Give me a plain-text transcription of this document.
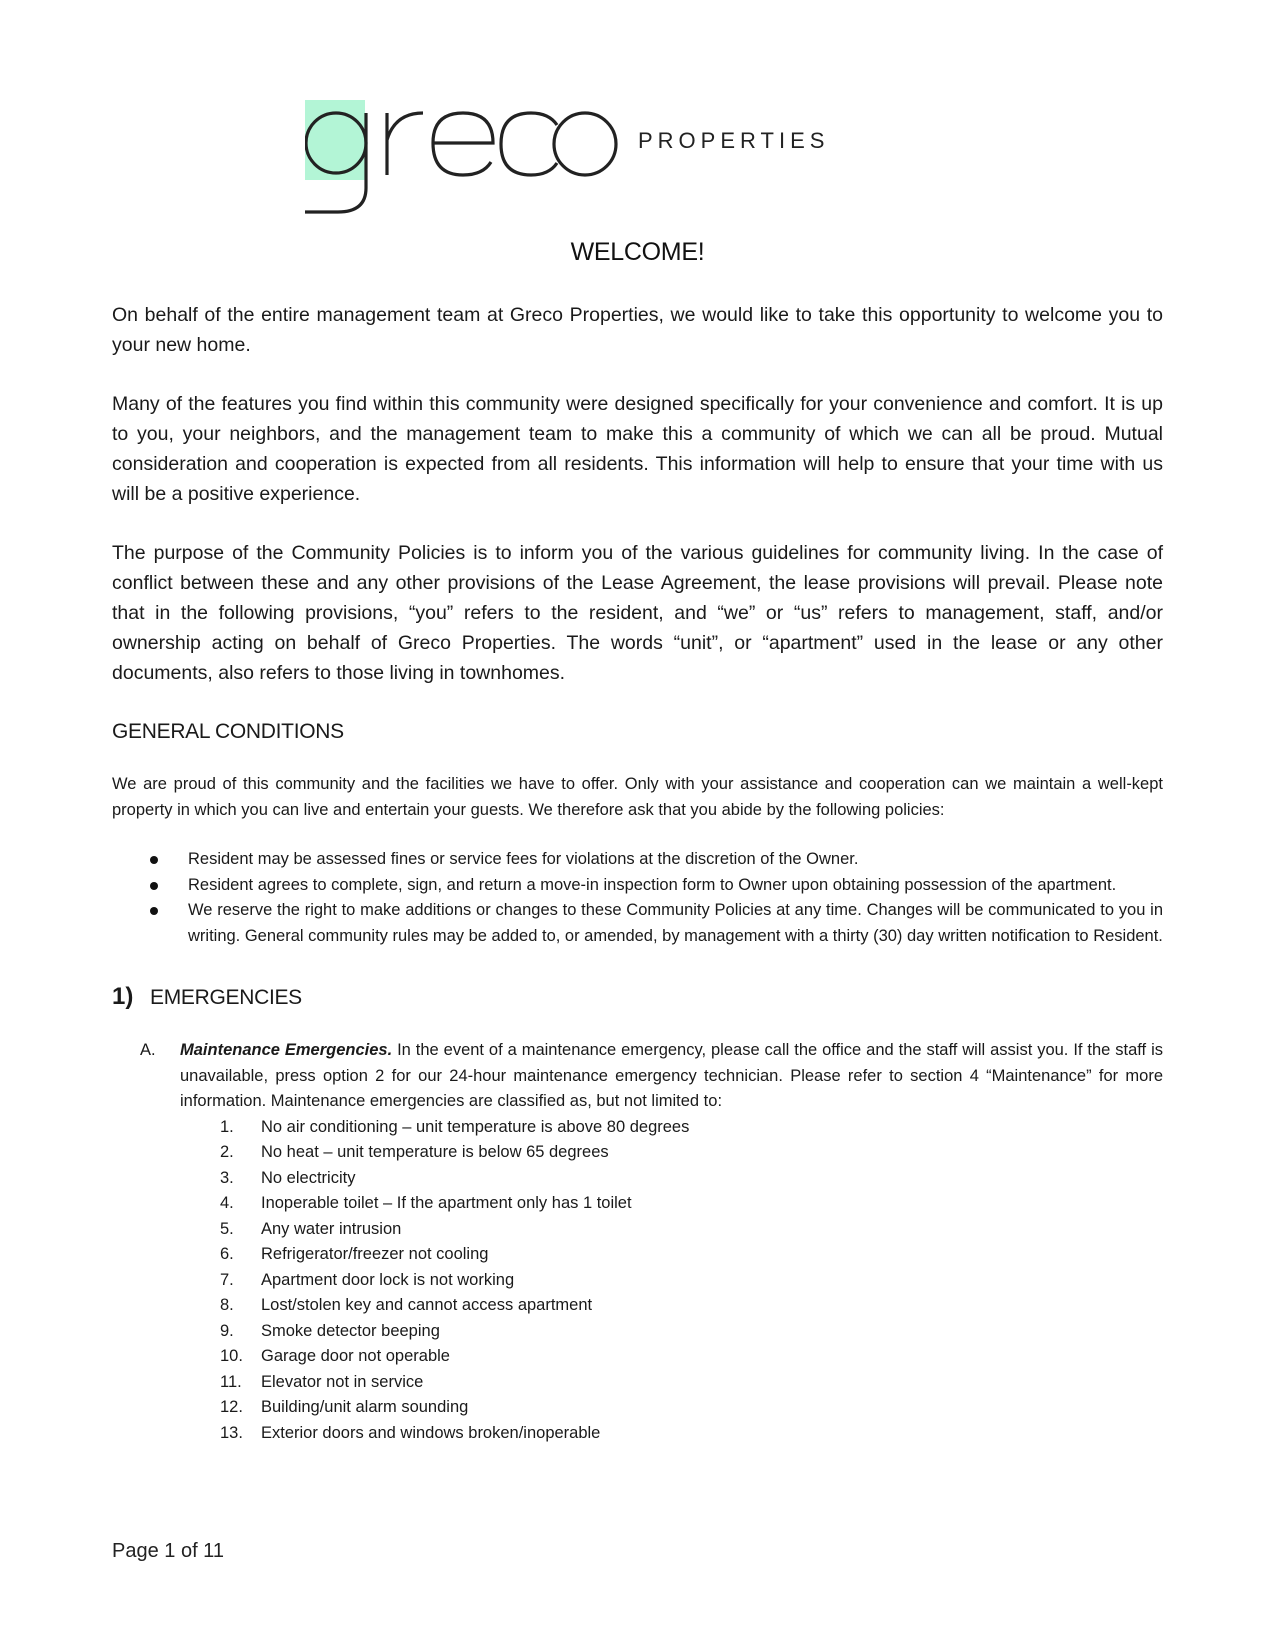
PROPERTIES
WELCOME!

On behalf of the entire management team at Greco Properties, we would like to take this opportunity to welcome you to your new home.

Many of the features you find within this community were designed specifically for your convenience and comfort. It is up to you, your neighbors, and the management team to make this a community of which we can all be proud. Mutual consideration and cooperation is expected from all residents. This information will help to ensure that your time with us will be a positive experience.

The purpose of the Community Policies is to inform you of the various guidelines for community living. In the case of conflict between these and any other provisions of the Lease Agreement, the lease provisions will prevail. Please note that in the following provisions, “you” refers to the resident, and “we” or “us” refers to management, staff, and/or ownership acting on behalf of Greco Properties. The words “unit”, or “apartment” used in the lease or any other documents, also refers to those living in townhomes.

GENERAL CONDITIONS

We are proud of this community and the facilities we have to offer. Only with your assistance and cooperation can we maintain a well-kept property in which you can live and entertain your guests. We therefore ask that you abide by the following policies:

Resident may be assessed fines or service fees for violations at the discretion of the Owner.
Resident agrees to complete, sign, and return a move-in inspection form to Owner upon obtaining possession of the apartment.
We reserve the right to make additions or changes to these Community Policies at any time. Changes will be communicated to you in writing. General community rules may be added to, or amended, by management with a thirty (30) day written notification to Resident.
1) EMERGENCIES
A. Maintenance Emergencies. In the event of a maintenance emergency, please call the office and the staff will assist you. If the staff is unavailable, press option 2 for our 24-hour maintenance emergency technician. Please refer to section 4 “Maintenance” for more information. Maintenance emergencies are classified as, but not limited to:
1. No air conditioning – unit temperature is above 80 degrees
2. No heat – unit temperature is below 65 degrees
3. No electricity
4. Inoperable toilet – If the apartment only has 1 toilet
5. Any water intrusion
6. Refrigerator/freezer not cooling
7. Apartment door lock is not working
8. Lost/stolen key and cannot access apartment
9. Smoke detector beeping
10. Garage door not operable
11. Elevator not in service
12. Building/unit alarm sounding
13. Exterior doors and windows broken/inoperable
Page 1 of 11
